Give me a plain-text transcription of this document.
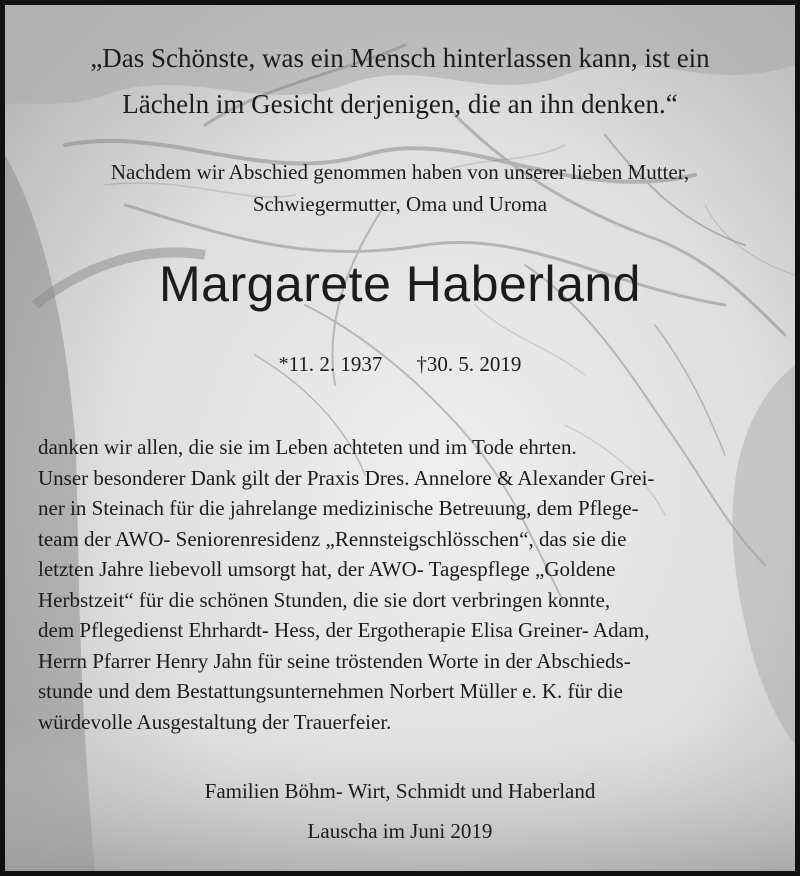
„Das Schönste, was ein Mensch hinterlassen kann, ist ein
Lächeln im Gesicht derjenigen, die an ihn denken.“
Nachdem wir Abschied genommen haben von unserer lieben Mutter,
Schwiegermutter, Oma und Uroma
Margarete Haberland
*11. 2. 1937 †30. 5. 2019
danken wir allen, die sie im Leben achteten und im Tode ehrten.
Unser besonderer Dank gilt der Praxis Dres. Annelore & Alexander Grei-
ner in Steinach für die jahrelange medizinische Betreuung, dem Pflege-
team der AWO- Seniorenresidenz „Rennsteigschlösschen“, das sie die
letzten Jahre liebevoll umsorgt hat, der AWO- Tagespflege „Goldene
Herbstzeit“ für die schönen Stunden, die sie dort verbringen konnte,
dem Pflegedienst Ehrhardt- Hess, der Ergotherapie Elisa Greiner- Adam,
Herrn Pfarrer Henry Jahn für seine tröstenden Worte in der Abschieds-
stunde und dem Bestattungsunternehmen Norbert Müller e. K. für die
würdevolle Ausgestaltung der Trauerfeier.
Familien Böhm- Wirt, Schmidt und Haberland
Lauscha im Juni 2019
